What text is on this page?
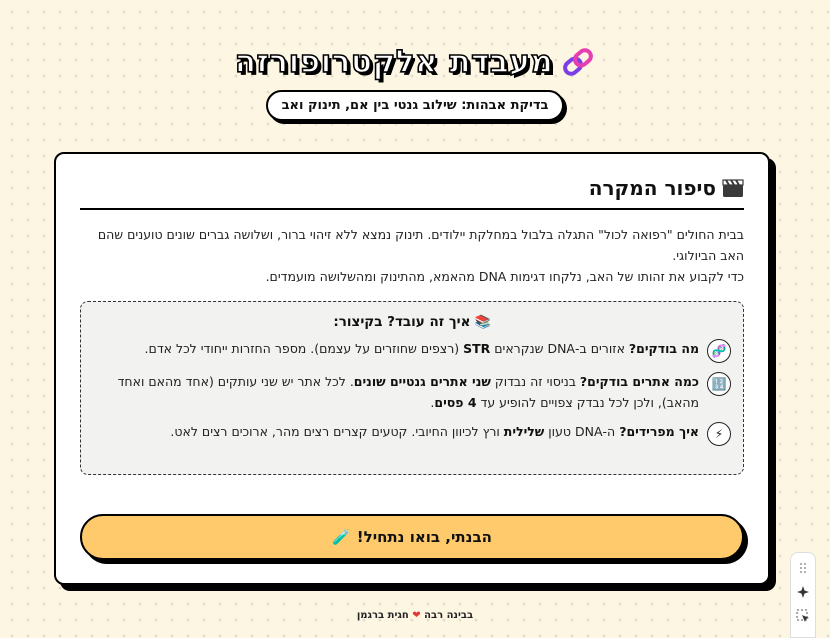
מעבדת אלקטרופורזה
בדיקת אבהות: שילוב גנטי בין אם, תינוק ואב
סיפור המקרה

בבית החולים "רפואה לכול" התגלה בלבול במחלקת יילודים. תינוק נמצא ללא זיהוי ברור, ושלושה גברים שונים טוענים שהם האב הביולוגי.

כדי לקבוע את זהותו של האב, נלקחו דגימות DNA מהאמא, מהתינוק ומהשלושה מועמדים.

📚
איך זה עובד? בקיצור:
🧬
מה בודקים? אזורים ב-DNA שנקראים STR (רצפים שחוזרים על עצמם). מספר החזרות ייחודי לכל אדם.
🔢
כמה אתרים בודקים? בניסוי זה נבדוק שני אתרים גנטיים שונים. לכל אתר יש שני עותקים (אחד מהאם ואחד מהאב), ולכן לכל נבדק צפויים להופיע עד 4 פסים.
⚡
איך מפרידים? ה-DNA טעון שלילית ורץ לכיוון החיובי. קטעים קצרים רצים מהר, ארוכים רצים לאט.
הבנתי, בואו נתחיל!
🧪
בבינה רבה ❤ חגית ברגמן
